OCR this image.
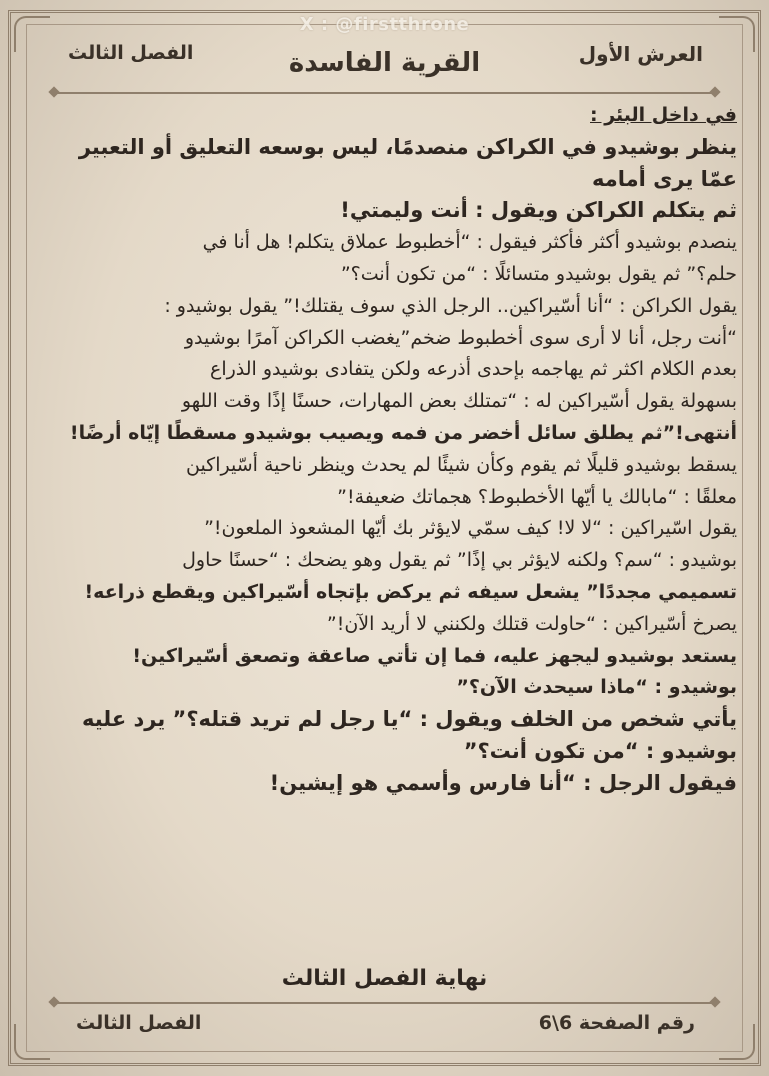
X : @firstthrone
العرش الأول
الفصل الثالث	القرية الفاسدة
في داخل البئر :
ينظر بوشيدو في الكراكن منصدمًا، ليس بوسعه التعليق أو التعبير
عمّا يرى أمامه
ثم يتكلم الكراكن ويقول : أنت وليمتي!
ينصدم بوشيدو أكثر فأكثر فيقول : “أخطبوط عملاق يتكلم! هل أنا في
حلم؟” ثم يقول بوشيدو متسائلًا : “من تكون أنت؟”
يقول الكراكن : “أنا أسّيراكين.. الرجل الذي سوف يقتلك!” يقول بوشيدو :
“أنت رجل، أنا لا أرى سوى أخطبوط ضخم”يغضب الكراكن آمرًا بوشيدو
بعدم الكلام اكثر ثم يهاجمه بإحدى أذرعه ولكن يتفادى بوشيدو الذراع
بسهولة يقول أسّيراكين له : “تمتلك بعض المهارات، حسنًا إذًا وقت اللهو
أنتهى!”ثم يطلق سائل أخضر من فمه ويصيب بوشيدو مسقطًا إيّاه أرضًا!
يسقط بوشيدو قليلًا ثم يقوم وكأن شيئًا لم يحدث وينظر ناحية أسّيراكين
معلقًا : “مابالك يا أيّها الأخطبوط؟ هجماتك ضعيفة!”
يقول اسّيراكين : “لا لا! كيف سمّي لايؤثر بك أيّها المشعوذ الملعون!”
بوشيدو : “سم؟ ولكنه لايؤثر بي إذًا” ثم يقول وهو يضحك : “حسنًا حاول
تسميمي مجددًا” يشعل سيفه ثم يركض بإتجاه أسّيراكين ويقطع ذراعه!
يصرخ أسّيراكين : “حاولت قتلك ولكنني لا أريد الآن!”
يستعد بوشيدو ليجهز عليه، فما إن تأتي صاعقة وتصعق أسّيراكين!
بوشيدو : “ماذا سيحدث الآن؟”
يأتي شخص من الخلف ويقول : “يا رجل لم تريد قتله؟” يرد عليه
بوشيدو : “من تكون أنت؟”
فيقول الرجل : “أنا فارس وأسمي هو إيشين!
نهاية الفصل الثالث
الفصل الثالث	رقم الصفحة 6\6
